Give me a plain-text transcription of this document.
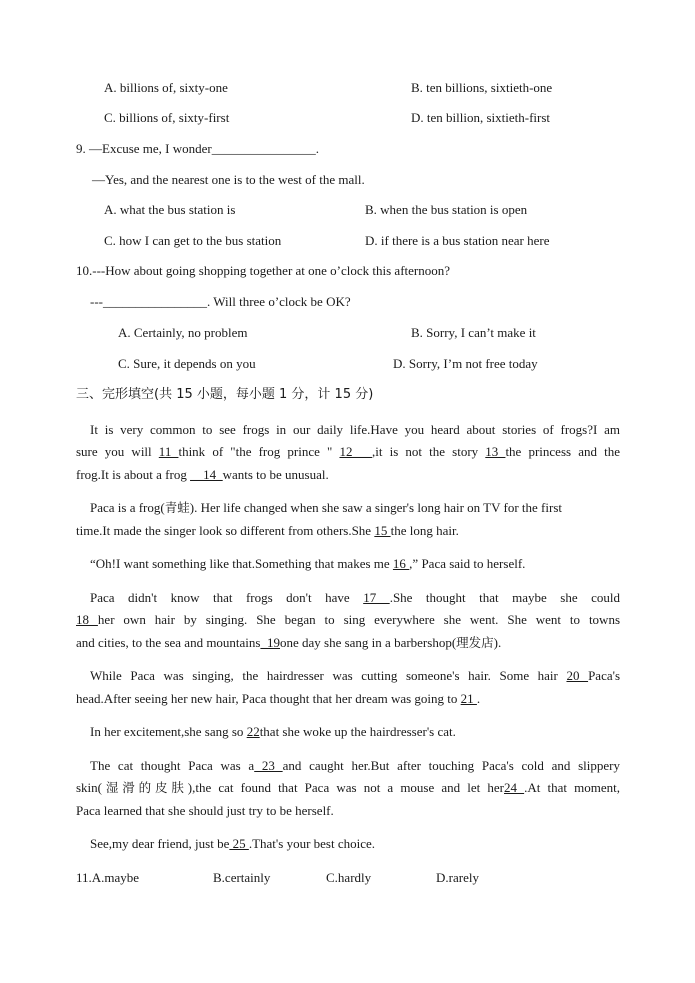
A. billions of, sixty-one	B. ten billions, sixtieth-one
C. billions of, sixty-first	D. ten billion, sixtieth-first
9. —Excuse me, I wonder________________.
—Yes, and the nearest one is to the west of the mall.
A. what the bus station is	B. when the bus station is open
C. how I can get to the bus station	D. if there is a bus station near here
10.---How about going shopping together at one o’clock this afternoon?
---________________. Will three o’clock be OK?
A. Certainly, no problem	B. Sorry, I can’t make it
C. Sure, it depends on you	D. Sorry, I’m not free today
三、完形填空(共 15 小题，每小题 1 分，计 15 分)
It is very common to see frogs in our daily life.Have you heard about stories of frogs?I am
sure you will 11 think of "the frog prince " 12___,it is not the story 13 the princess and the
frog.It is about a frog __14_wants to be unusual.
Paca is a frog(青蛙). Her life changed when she saw a singer's long hair on TV for the first
time.It made the singer look so different from others.She 15 the long hair.
“Oh!I want something like that.Something that makes me 16 ,” Paca said to herself.
Paca didn't know that frogs don't have 17 .She thought that maybe she could
18 her own hair by singing. She began to sing everywhere she went. She went to towns
and cities, to the sea and mountains_19one day she sang in a barbershop(理发店).
While Paca was singing, the hairdresser was cutting someone's hair. Some hair 20 Paca's
head.After seeing her new hair, Paca thought that her dream was going to 21 .
In her excitement,she sang so 22that she woke up the hairdresser's cat.
The cat thought Paca was a 23 and caught her.But after touching Paca's cold and slippery
skin(湿滑的皮肤),the cat found that Paca was not a mouse and let her24 .At that moment,
Paca learned that she should just try to be herself.
See,my dear friend, just be 25 .That's your best choice.
11.A.maybe	B.certainly	C.hardly	D.rarely
